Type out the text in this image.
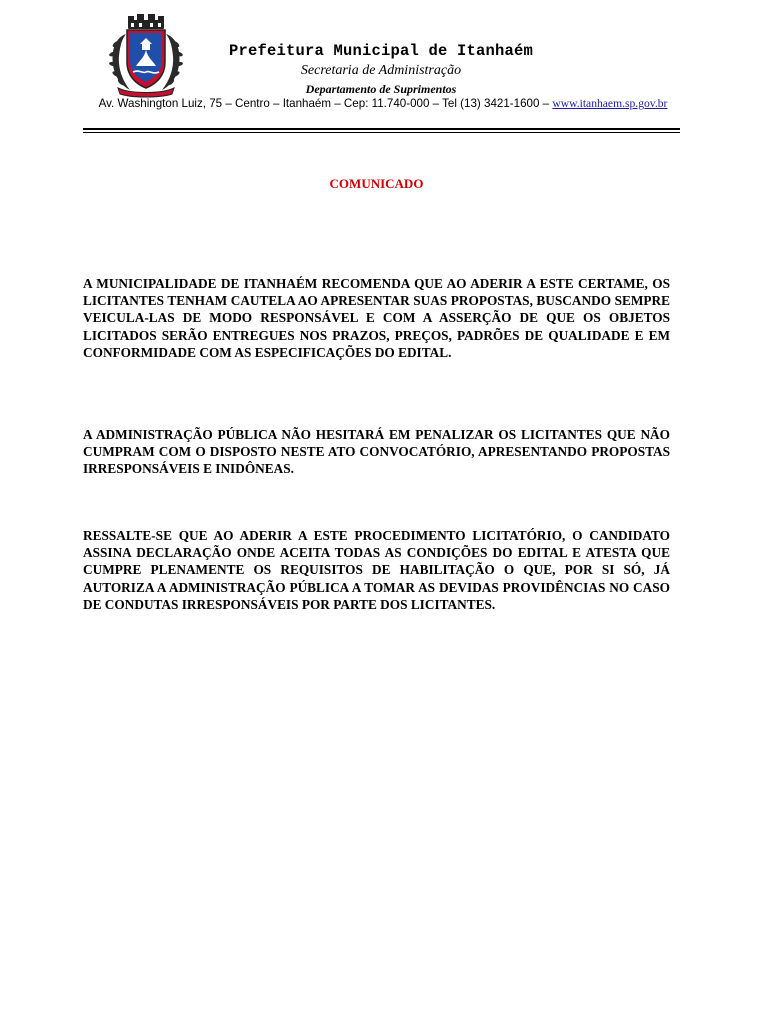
Prefeitura Municipal de Itanhaém
Secretaria de Administração
Departamento de Suprimentos
Av. Washington Luiz, 75 – Centro – Itanhaém – Cep: 11.740-000 – Tel (13) 3421-1600 – www.itanhaem.sp.gov.br
COMUNICADO

A MUNICIPALIDADE DE ITANHAÉM RECOMENDA QUE AO ADERIR A ESTE CERTAME, OS LICITANTES TENHAM CAUTELA AO APRESENTAR SUAS PROPOSTAS, BUSCANDO SEMPRE VEICULA-LAS DE MODO RESPONSÁVEL E COM A ASSERÇÃO DE QUE OS OBJETOS LICITADOS SERÃO ENTREGUES NOS PRAZOS, PREÇOS, PADRÕES DE QUALIDADE E EM CONFORMIDADE COM AS ESPECIFICAÇÕES DO EDITAL.

A ADMINISTRAÇÃO PÚBLICA NÃO HESITARÁ EM PENALIZAR OS LICITANTES QUE NÃO CUMPRAM COM O DISPOSTO NESTE ATO CONVOCATÓRIO, APRESENTANDO PROPOSTAS IRRESPONSÁVEIS E INIDÔNEAS.

RESSALTE-SE QUE AO ADERIR A ESTE PROCEDIMENTO LICITATÓRIO, O CANDIDATO ASSINA DECLARAÇÃO ONDE ACEITA TODAS AS CONDIÇÕES DO EDITAL E ATESTA QUE CUMPRE PLENAMENTE OS REQUISITOS DE HABILITAÇÃO O QUE, POR SI SÓ, JÁ AUTORIZA A ADMINISTRAÇÃO PÚBLICA A TOMAR AS DEVIDAS PROVIDÊNCIAS NO CASO DE CONDUTAS IRRESPONSÁVEIS POR PARTE DOS LICITANTES.
